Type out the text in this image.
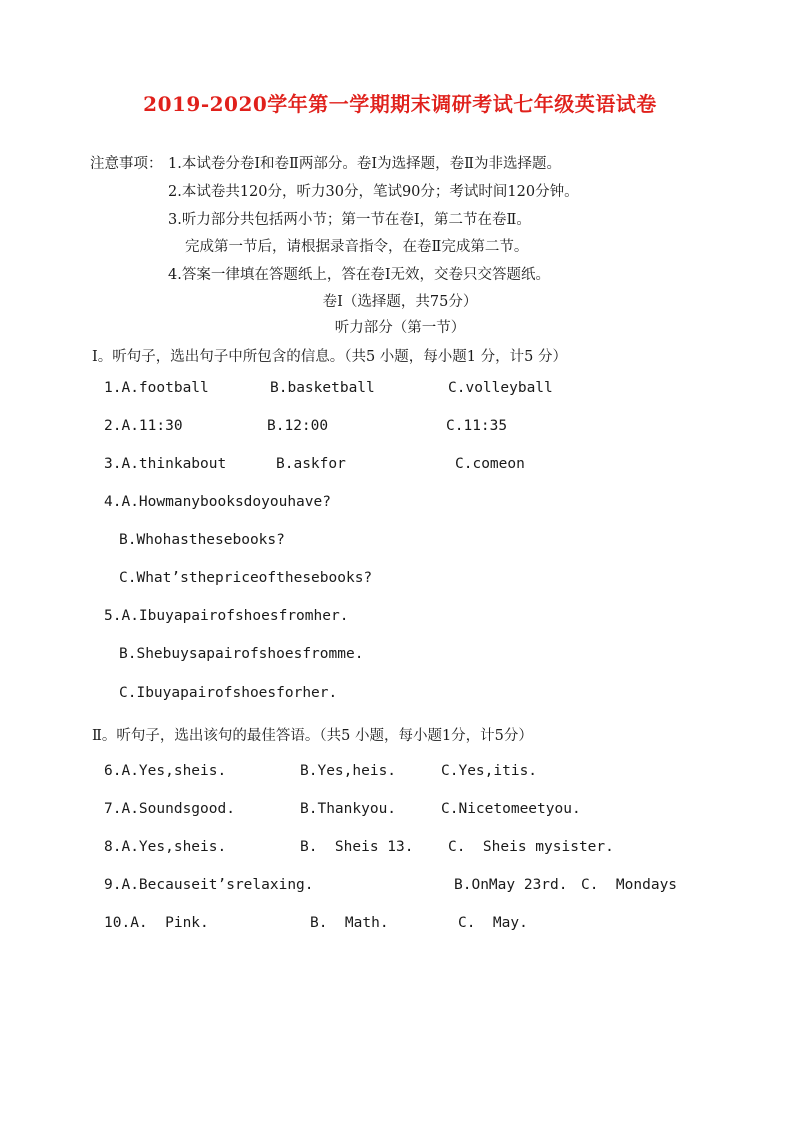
2019-2020学年第一学期期末调研考试七年级英语试卷
注意事项： 1.本试卷分卷Ⅰ和卷Ⅱ两部分。卷Ⅰ为选择题，卷Ⅱ为非选择题。
2.本试卷共120分，听力30分，笔试90分；考试时间120分钟。
3.听力部分共包括两小节；第一节在卷Ⅰ，第二节在卷Ⅱ。
完成第一节后，请根据录音指令，在卷Ⅱ完成第二节。
4.答案一律填在答题纸上，答在卷Ⅰ无效，交卷只交答题纸。
卷Ⅰ（选择题，共75分）
听力部分（第一节）
Ⅰ。听句子，选出句子中所包含的信息。（共5 小题，每小题1 分，计5 分）
1.A.football	B.basketball	C.volleyball
2.A.11:30	B.12:00	C.11:35
3.A.thinkabout	B.askfor	C.comeon
4.A.Howmanybooksdoyouhave?
B.Whohasthesebooks?
C.What’sthepriceofthesebooks?
5.A.Ibuyapairofshoesfromher.
B.Shebuysapairofshoesfromme.
C.Ibuyapairofshoesforher.
Ⅱ。听句子，选出该句的最佳答语。（共5 小题，每小题1分，计5分）
6.A.Yes,sheis.	B.Yes,heis.	C.Yes,itis.
7.A.Soundsgood.	B.Thankyou.	C.Nicetomeetyou.
8.A.Yes,sheis.	B.  Sheis 13. C.  Sheis mysister.
9.A.Becauseit’srelaxing.	B.OnMay 23rd. C.  Mondays
10.A.  Pink.	B.  Math.	C.  May.
